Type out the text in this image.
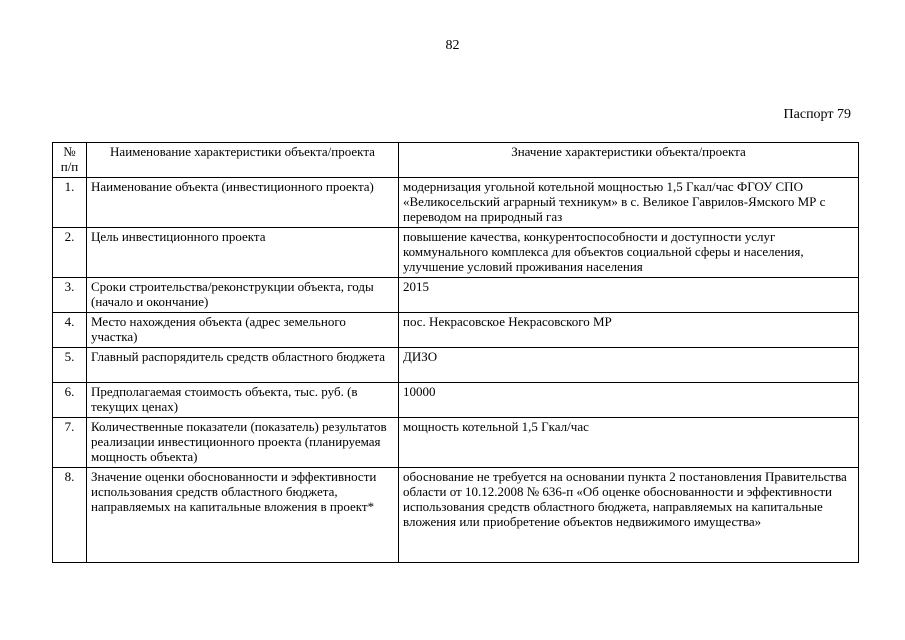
82
Паспорт 79
№ п/п	Наименование характеристики объекта/проекта	Значение характеристики объекта/проекта
1.	Наименование объекта (инвестиционного проекта)	модернизация угольной котельной мощностью 1,5 Гкал/час ФГОУ СПО «Великосельский аграрный техникум» в с. Великое Гаврилов-Ямского МР с переводом на природный газ
2.	Цель инвестиционного проекта	повышение качества, конкурентоспособности и доступности услуг коммунального комплекса для объектов социальной сферы и населения, улучшение условий проживания населения
3.	Сроки строительства/реконструкции объекта, годы (начало и окончание)	2015
4.	Место нахождения объекта (адрес земельного участка)	пос. Некрасовское Некрасовского МР
5.	Главный распорядитель средств областного бюджета	ДИЗО
6.	Предполагаемая стоимость объекта, тыс. руб. (в текущих ценах)	10000
7.	Количественные показатели (показатель) результатов реализации инвестиционного проекта (планируемая мощность объекта)	мощность котельной 1,5 Гкал/час
8.	Значение оценки обоснованности и эффективности использования средств областного бюджета, направляемых на капитальные вложения в проект*	обоснование не требуется на основании пункта 2 постановления Правительства области от 10.12.2008 № 636-п «Об оценке обоснованности и эффективности использования средств областного бюджета, направляемых на капитальные вложения или приобретение объектов недвижимого имущества»
